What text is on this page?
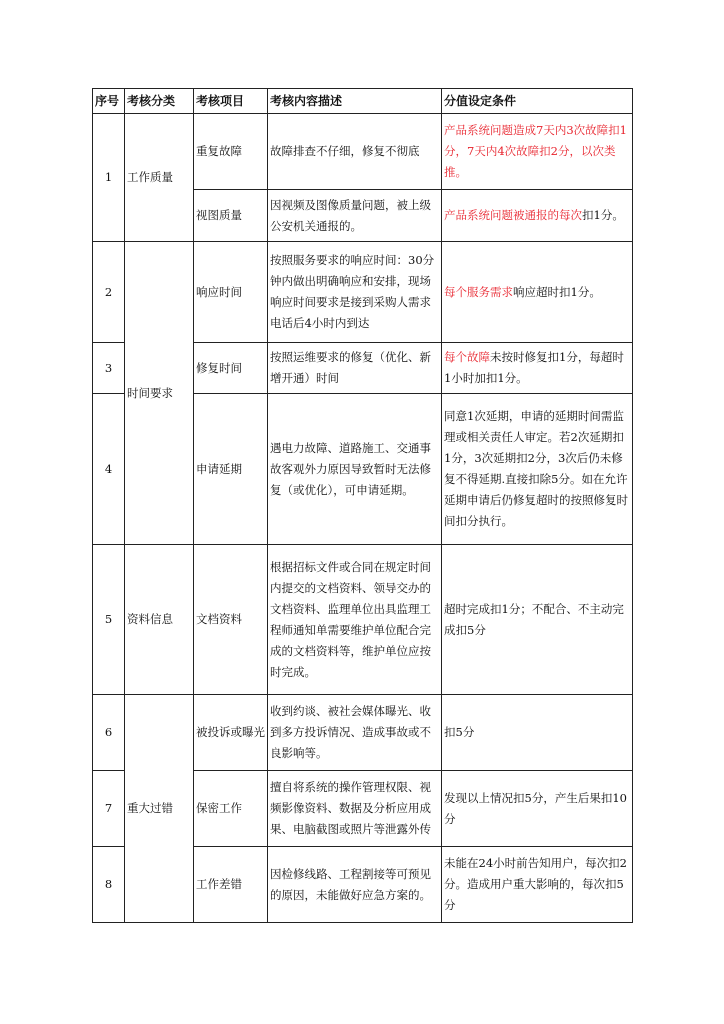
序号	考核分类	考核项目	考核内容描述	分值设定条件
1	工作质量	重复故障	故障排查不仔细，修复不彻底	产品系统问题造成7天内3次故障扣1分，7天内4次故障扣2分，以次类推。
		视图质量	因视频及图像质量问题，被上级公安机关通报的。	产品系统问题被通报的每次扣1分。
2	时间要求	响应时间	按照服务要求的响应时间：30分钟内做出明确响应和安排，现场响应时间要求是接到采购人需求电话后4小时内到达	每个服务需求响应超时扣1分。
3		修复时间	按照运维要求的修复（优化、新增开通）时间	每个故障未按时修复扣1分，每超时1小时加扣1分。
4		申请延期	遇电力故障、道路施工、交通事故客观外力原因导致暂时无法修复（或优化），可申请延期。	同意1次延期，申请的延期时间需监理或相关责任人审定。若2次延期扣1分，3次延期扣2分，3次后仍未修复不得延期.直接扣除5分。如在允许延期申请后仍修复超时的按照修复时间扣分执行。
5	资料信息	文档资料	根据招标文件或合同在规定时间内提交的文档资料、领导交办的文档资料、监理单位出具监理工程师通知单需要维护单位配合完成的文档资料等，维护单位应按时完成。	超时完成扣1分；不配合、不主动完成扣5分
6	重大过错	被投诉或曝光	收到约谈、被社会媒体曝光、收到多方投诉情况、造成事故或不良影响等。	扣5分
7		保密工作	擅自将系统的操作管理权限、视频影像资料、数据及分析应用成果、电脑截图或照片等泄露外传	发现以上情况扣5分，产生后果扣10分
8		工作差错	因检修线路、工程割接等可预见的原因，未能做好应急方案的。	未能在24小时前告知用户，每次扣2分。造成用户重大影响的，每次扣5分
